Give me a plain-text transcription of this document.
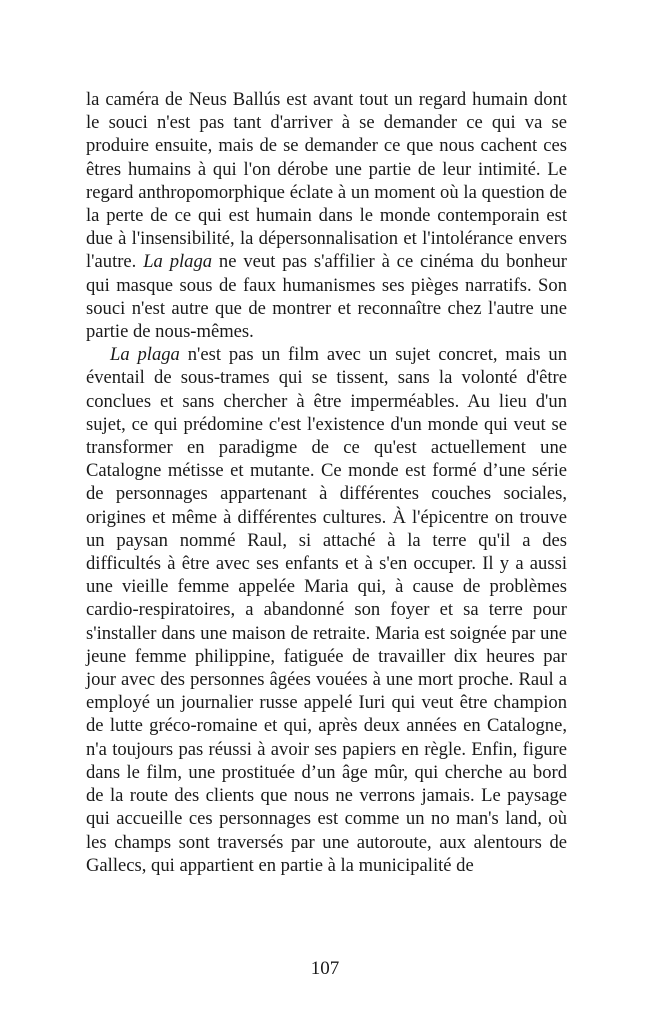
la caméra de Neus Ballús est avant tout un regard humain dont le souci n'est pas tant d'arriver à se demander ce qui va se produire ensuite, mais de se demander ce que nous cachent ces êtres humains à qui l'on dérobe une partie de leur intimité. Le regard anthropomorphique éclate à un moment où la question de la perte de ce qui est humain dans le monde contemporain est due à l'insensibilité, la dépersonnalisation et l'intolérance envers l'autre. La plaga ne veut pas s'affilier à ce cinéma du bonheur qui masque sous de faux humanismes ses pièges narratifs. Son souci n'est autre que de montrer et reconnaître chez l'autre une partie de nous-mêmes.

La plaga n'est pas un film avec un sujet concret, mais un éventail de sous-trames qui se tissent, sans la volonté d'être conclues et sans chercher à être imperméables. Au lieu d'un sujet, ce qui prédomine c'est l'existence d'un monde qui veut se transformer en paradigme de ce qu'est actuellement une Catalogne métisse et mutante. Ce monde est formé d’une série de personnages appartenant à différentes couches sociales, origines et même à différentes cultures. À l'épicentre on trouve un paysan nommé Raul, si attaché à la terre qu'il a des difficultés à être avec ses enfants et à s'en occuper. Il y a aussi une vieille femme appelée Maria qui, à cause de problèmes cardio-respiratoires, a abandonné son foyer et sa terre pour s'installer dans une maison de retraite. Maria est soignée par une jeune femme philippine, fatiguée de travailler dix heures par jour avec des personnes âgées vouées à une mort proche. Raul a employé un journalier russe appelé Iuri qui veut être champion de lutte gréco-romaine et qui, après deux années en Catalogne, n'a toujours pas réussi à avoir ses papiers en règle. Enfin, figure dans le film, une prostituée d’un âge mûr, qui cherche au bord de la route des clients que nous ne verrons jamais. Le paysage qui accueille ces personnages est comme un no man's land, où les champs sont traversés par une autoroute, aux alentours de Gallecs, qui appartient en partie à la municipalité de

107
